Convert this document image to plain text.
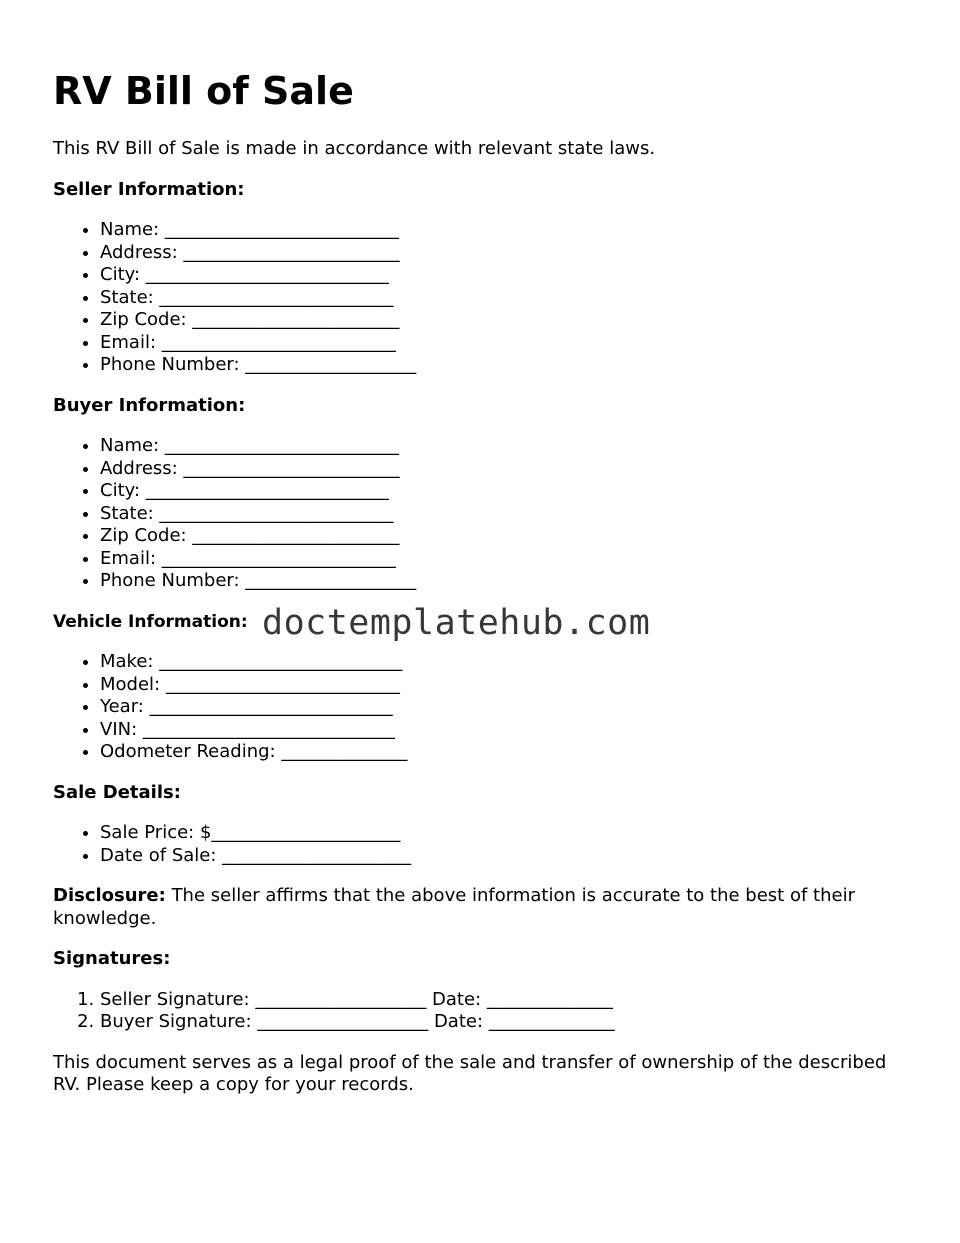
RV Bill of Sale

This RV Bill of Sale is made in accordance with relevant state laws.

Seller Information:
• Name: __________________________
• Address: ________________________
• City: ___________________________
• State: __________________________
• Zip Code: _______________________
• Email: __________________________
• Phone Number: ___________________
Buyer Information:
• Name: __________________________
• Address: ________________________
• City: ___________________________
• State: __________________________
• Zip Code: _______________________
• Email: __________________________
• Phone Number: ___________________
Vehicle Information:
• Make: ___________________________
• Model: __________________________
• Year: ___________________________
• VIN: ____________________________
• Odometer Reading: ______________
Sale Details:
• Sale Price: $_____________________
• Date of Sale: _____________________

Disclosure: The seller affirms that the above information is accurate to the best of their knowledge.

Signatures:
1. Seller Signature: ___________________ Date: ______________
2. Buyer Signature: ___________________ Date: ______________

This document serves as a legal proof of the sale and transfer of ownership of the described RV. Please keep a copy for your records.

doctemplatehub.com
